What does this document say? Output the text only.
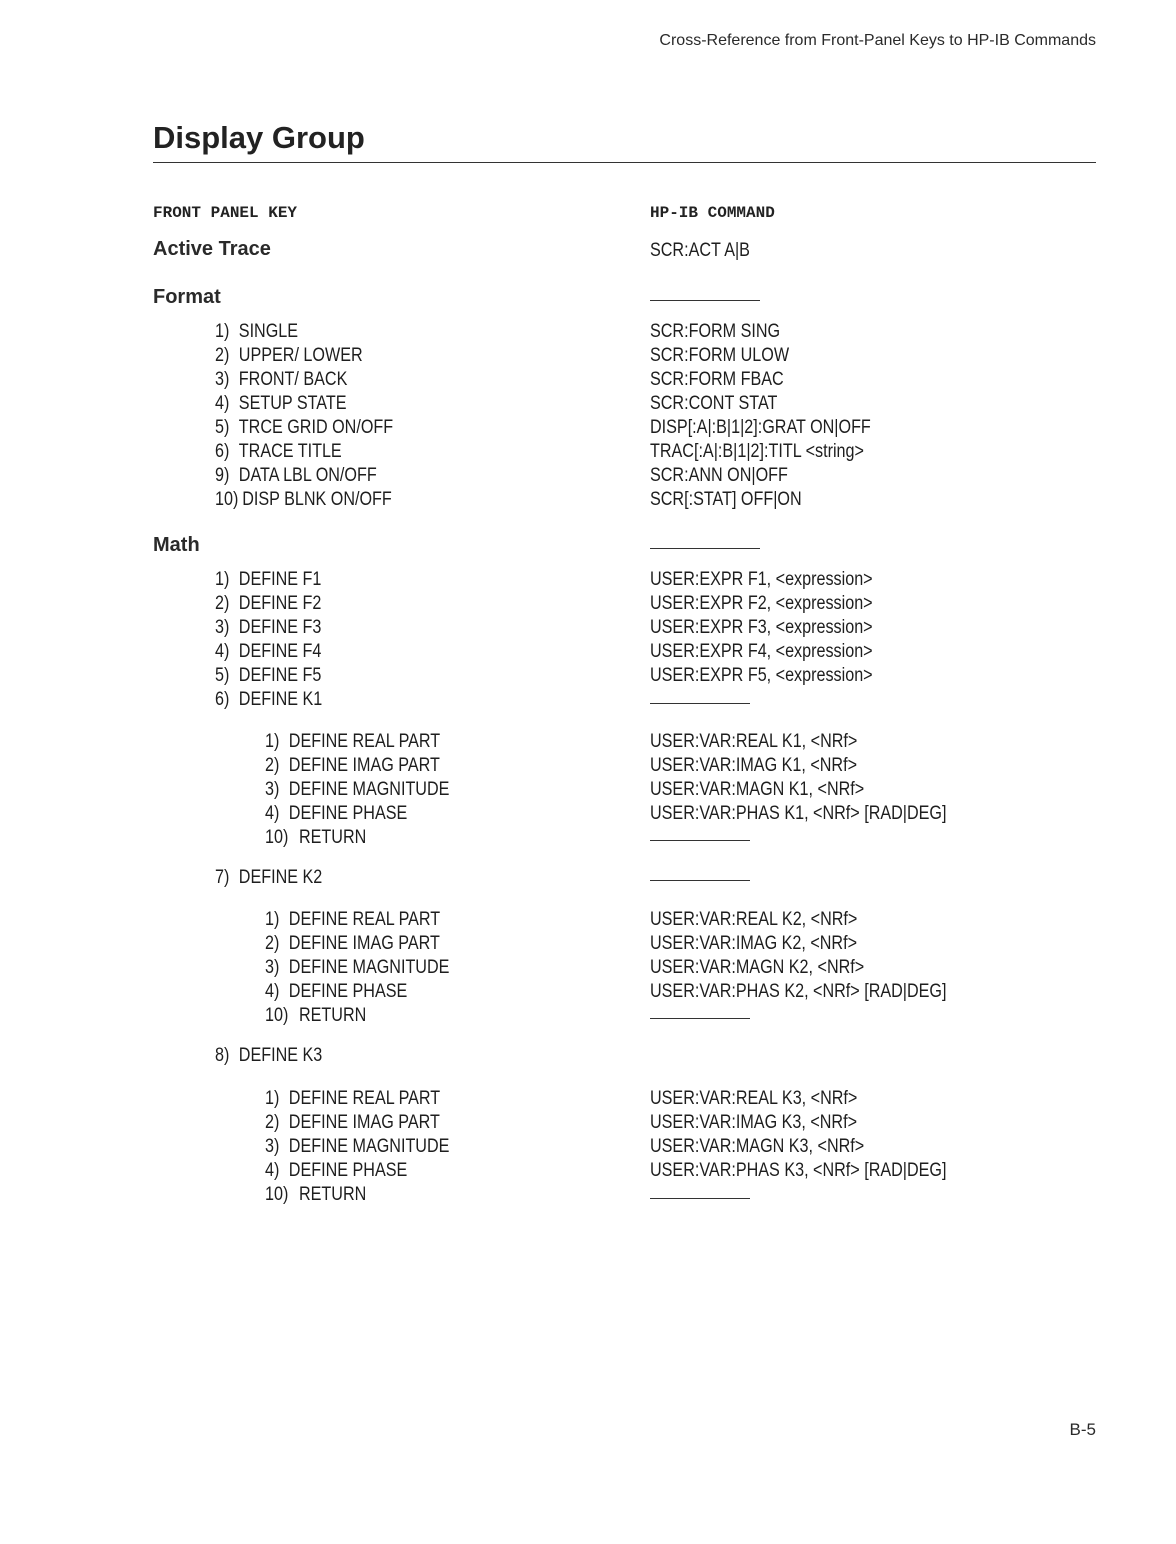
Cross-Reference from Front-Panel Keys to HP-IB Commands
Display Group
FRONT PANEL KEY	HP-IB COMMAND
Active Trace	SCR:ACT A|B
Format
1) SINGLE
2) UPPER/ LOWER
3) FRONT/ BACK
4) SETUP STATE
5) TRCE GRID ON/OFF
6) TRACE TITLE
9) DATA LBL ON/OFF
10) DISP BLNK ON/OFF
SCR:FORM SING
SCR:FORM ULOW
SCR:FORM FBAC
SCR:CONT STAT
DISP[:A|:B|1|2]:GRAT ON|OFF
TRAC[:A|:B|1|2]:TITL <string>
SCR:ANN ON|OFF
SCR[:STAT] OFF|ON
Math
1) DEFINE F1
2) DEFINE F2
3) DEFINE F3
4) DEFINE F4
5) DEFINE F5
6) DEFINE K1
USER:EXPR F1, <expression>
USER:EXPR F2, <expression>
USER:EXPR F3, <expression>
USER:EXPR F4, <expression>
USER:EXPR F5, <expression>
1) DEFINE REAL PART
2) DEFINE IMAG PART
3) DEFINE MAGNITUDE
4) DEFINE PHASE
10) RETURN
USER:VAR:REAL K1, <NRf>
USER:VAR:IMAG K1, <NRf>
USER:VAR:MAGN K1, <NRf>
USER:VAR:PHAS K1, <NRf> [RAD|DEG]
7) DEFINE K2
1) DEFINE REAL PART
2) DEFINE IMAG PART
3) DEFINE MAGNITUDE
4) DEFINE PHASE
10) RETURN
USER:VAR:REAL K2, <NRf>
USER:VAR:IMAG K2, <NRf>
USER:VAR:MAGN K2, <NRf>
USER:VAR:PHAS K2, <NRf> [RAD|DEG]
8) DEFINE K3
1) DEFINE REAL PART
2) DEFINE IMAG PART
3) DEFINE MAGNITUDE
4) DEFINE PHASE
10) RETURN
USER:VAR:REAL K3, <NRf>
USER:VAR:IMAG K3, <NRf>
USER:VAR:MAGN K3, <NRf>
USER:VAR:PHAS K3, <NRf> [RAD|DEG]
B-5
